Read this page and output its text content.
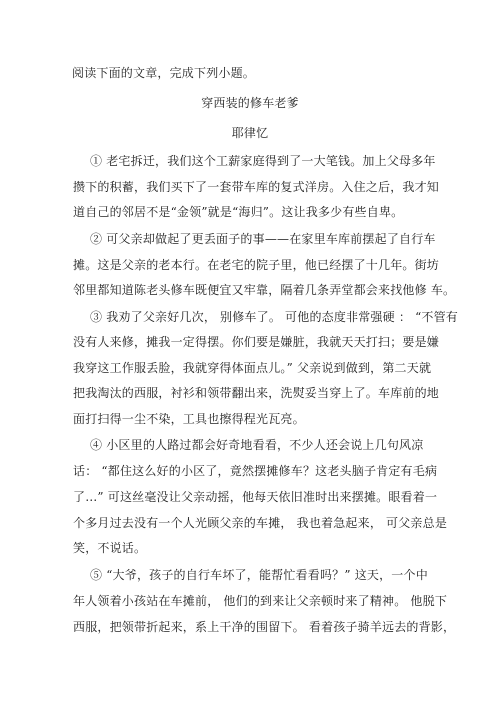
阅读下面的文章，完成下列小题。
穿西装的修车老爹
耶律忆
① 老宅拆迁，我们这个工薪家庭得到了一大笔钱。加上父母多年
攒下的积蓄，我们买下了一套带车库的复式洋房。入住之后，我才知
道自己的邻居不是“金领”就是“海归”。这让我多少有些自卑。
② 可父亲却做起了更丢面子的事——在家里车库前摆起了自行车
摊。这是父亲的老本行。在老宅的院子里，他已经摆了十几年。街坊
邻里都知道陈老头修车既便宜又牢靠，隔着几条弄堂都会来找他修 车。
③ 我劝了父亲好几次， 别修车了。 可他的态度非常强硬 ： “不管有
没有人来修，摊我一定得摆。你们要是嫌脏，我就天天打扫；要是嫌
我穿这工作服丢脸，我就穿得体面点儿。” 父亲说到做到，第二天就
把我淘汰的西服，衬衫和领带翻出来，洗熨妥当穿上了。车库前的地
面打扫得一尘不染，工具也擦得程光瓦亮。
④ 小区里的人路过都会好奇地看看，不少人还会说上几句风凉
话： “都住这么好的小区了，竟然摆摊修车？这老头脑子肯定有毛病
了…” 可这丝毫没让父亲动摇，他每天依旧准时出来摆摊。眼看着一
个多月过去没有一个人光顾父亲的车摊， 我也着急起来， 可父亲总是
笑，不说话。
⑤ “大爷，孩子的自行车坏了，能帮忙看看吗？” 这天，一个中
年人领着小孩站在车摊前， 他们的到来让父亲顿时来了精神。 他脱下
西服，把领带折起来，系上干净的围留下。 看着孩子骑羊远去的背影，
